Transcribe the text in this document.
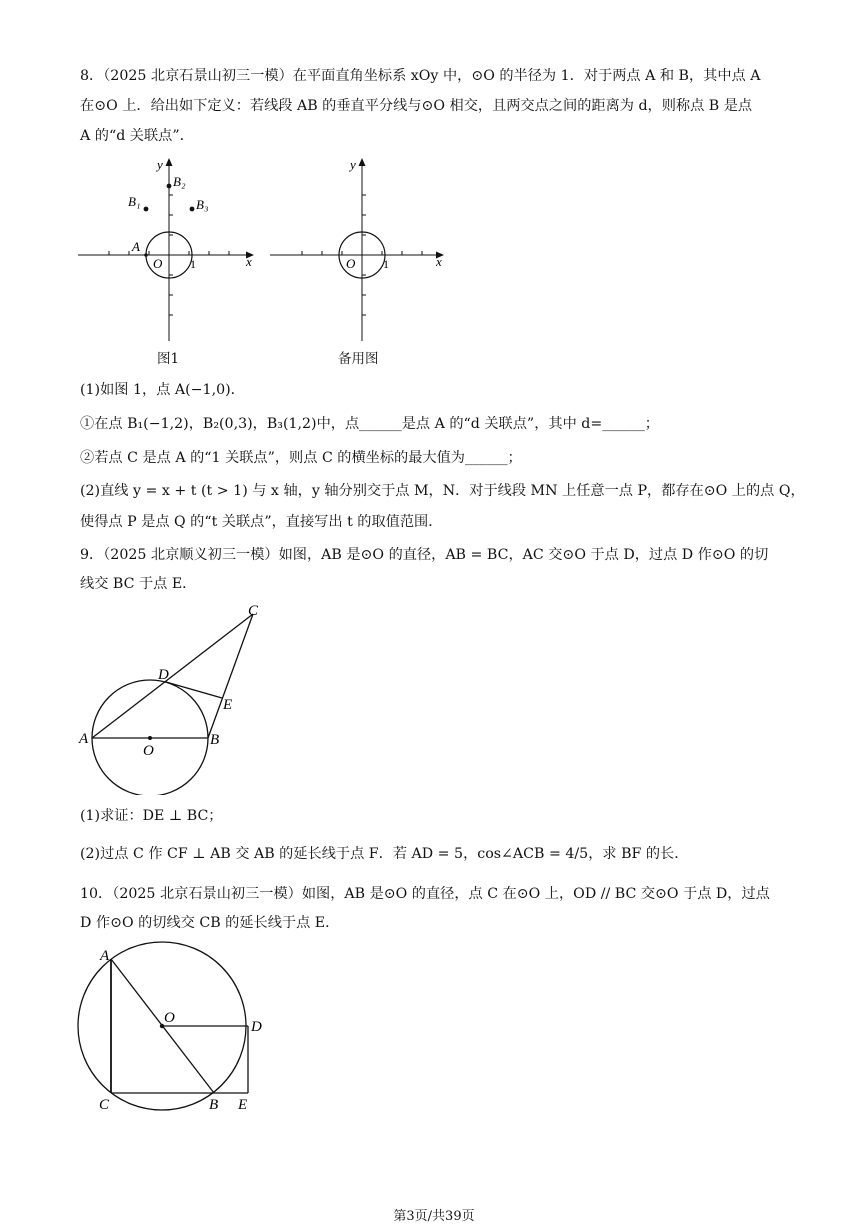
8．（2025 北京石景山初三一模）在平面直角坐标系 xOy 中，⊙O 的半径为 1．对于两点 A 和 B，其中点 A
在⊙O 上．给出如下定义：若线段 AB 的垂直平分线与⊙O 相交，且两交点之间的距离为 d，则称点 B 是点
A 的“d 关联点”．
y
x
O 1
A
B₁
B₂
B₃
图1
y
x
O 1
备用图
(1)如图 1，点 A(−1,0)．
①在点 B₁(−1,2)，B₂(0,3)，B₃(1,2)中，点______是点 A 的“d 关联点”，其中 d=______；
②若点 C 是点 A 的“1 关联点”，则点 C 的横坐标的最大值为______；
(2)直线 y = x + t (t > 1) 与 x 轴，y 轴分别交于点 M，N．对于线段 MN 上任意一点 P，都存在⊙O 上的点 Q，
使得点 P 是点 Q 的“t 关联点”，直接写出 t 的取值范围．
9．（2025 北京顺义初三一模）如图，AB 是⊙O 的直径，AB = BC，AC 交⊙O 于点 D，过点 D 作⊙O 的切
线交 BC 于点 E．
C
D
E
A	B
O
(1)求证：DE ⊥ BC；
(2)过点 C 作 CF ⊥ AB 交 AB 的延长线于点 F．若 AD = 5，cos∠ACB = 4/5，求 BF 的长．
10．（2025 北京石景山初三一模）如图，AB 是⊙O 的直径，点 C 在⊙O 上，OD // BC 交⊙O 于点 D，过点
D 作⊙O 的切线交 CB 的延长线于点 E．
A
O
D
C	B E
第3页/共39页
